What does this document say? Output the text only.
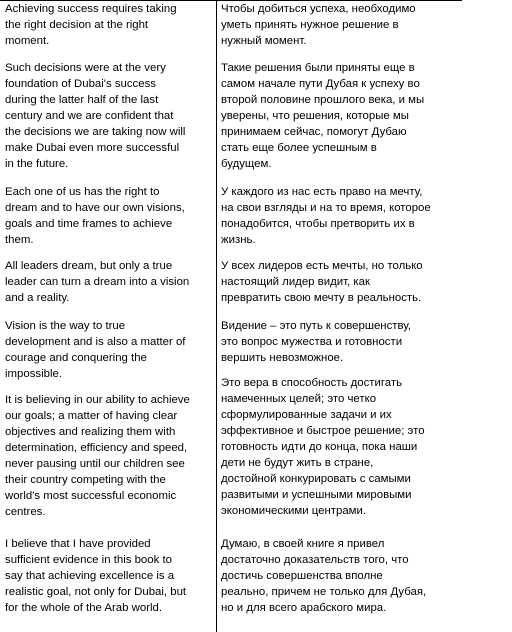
Achieving success requires taking
the right decision at the right
moment.
Чтобы добиться успеха, необходимо
уметь принять нужное решение в
нужный момент.
Such decisions were at the very
foundation of Dubai's success
during the latter half of the last
century and we are confident that
the decisions we are taking now will
make Dubai even more successful
in the future.
Такие решения были приняты еще в
самом начале пути Дубая к успеху во
второй половине прошлого века, и мы
уверены, что решения, которые мы
принимаем сейчас, помогут Дубаю
стать еще более успешным в
будущем.
Each one of us has the right to
dream and to have our own visions,
goals and time frames to achieve
them.
У каждого из нас есть право на мечту,
на свои взгляды и на то время, которое
понадобится, чтобы претворить их в
жизнь.
All leaders dream, but only a true
leader can turn a dream into a vision
and a reality.
У всех лидеров есть мечты, но только
настоящий лидер видит, как
превратить свою мечту в реальность.
Vision is the way to true
development and is also a matter of
courage and conquering the
impossible.
Видение – это путь к совершенству,
это вопрос мужества и готовности
вершить невозможное.
It is believing in our ability to achieve
our goals; a matter of having clear
objectives and realizing them with
determination, efficiency and speed,
never pausing until our children see
their country competing with the
world's most successful economic
centres.
Это вера в способность достигать
намеченных целей; это четко
сформулированные задачи и их
эффективное и быстрое решение; это
готовность идти до конца, пока наши
дети не будут жить в стране,
достойной конкурировать с самыми
развитыми и успешными мировыми
экономическими центрами.
I believe that I have provided
sufficient evidence in this book to
say that achieving excellence is a
realistic goal, not only for Dubai, but
for the whole of the Arab world.
Думаю, в своей книге я привел
достаточно доказательств того, что
достичь совершенства вполне
реально, причем не только для Дубая,
но и для всего арабского мира.
